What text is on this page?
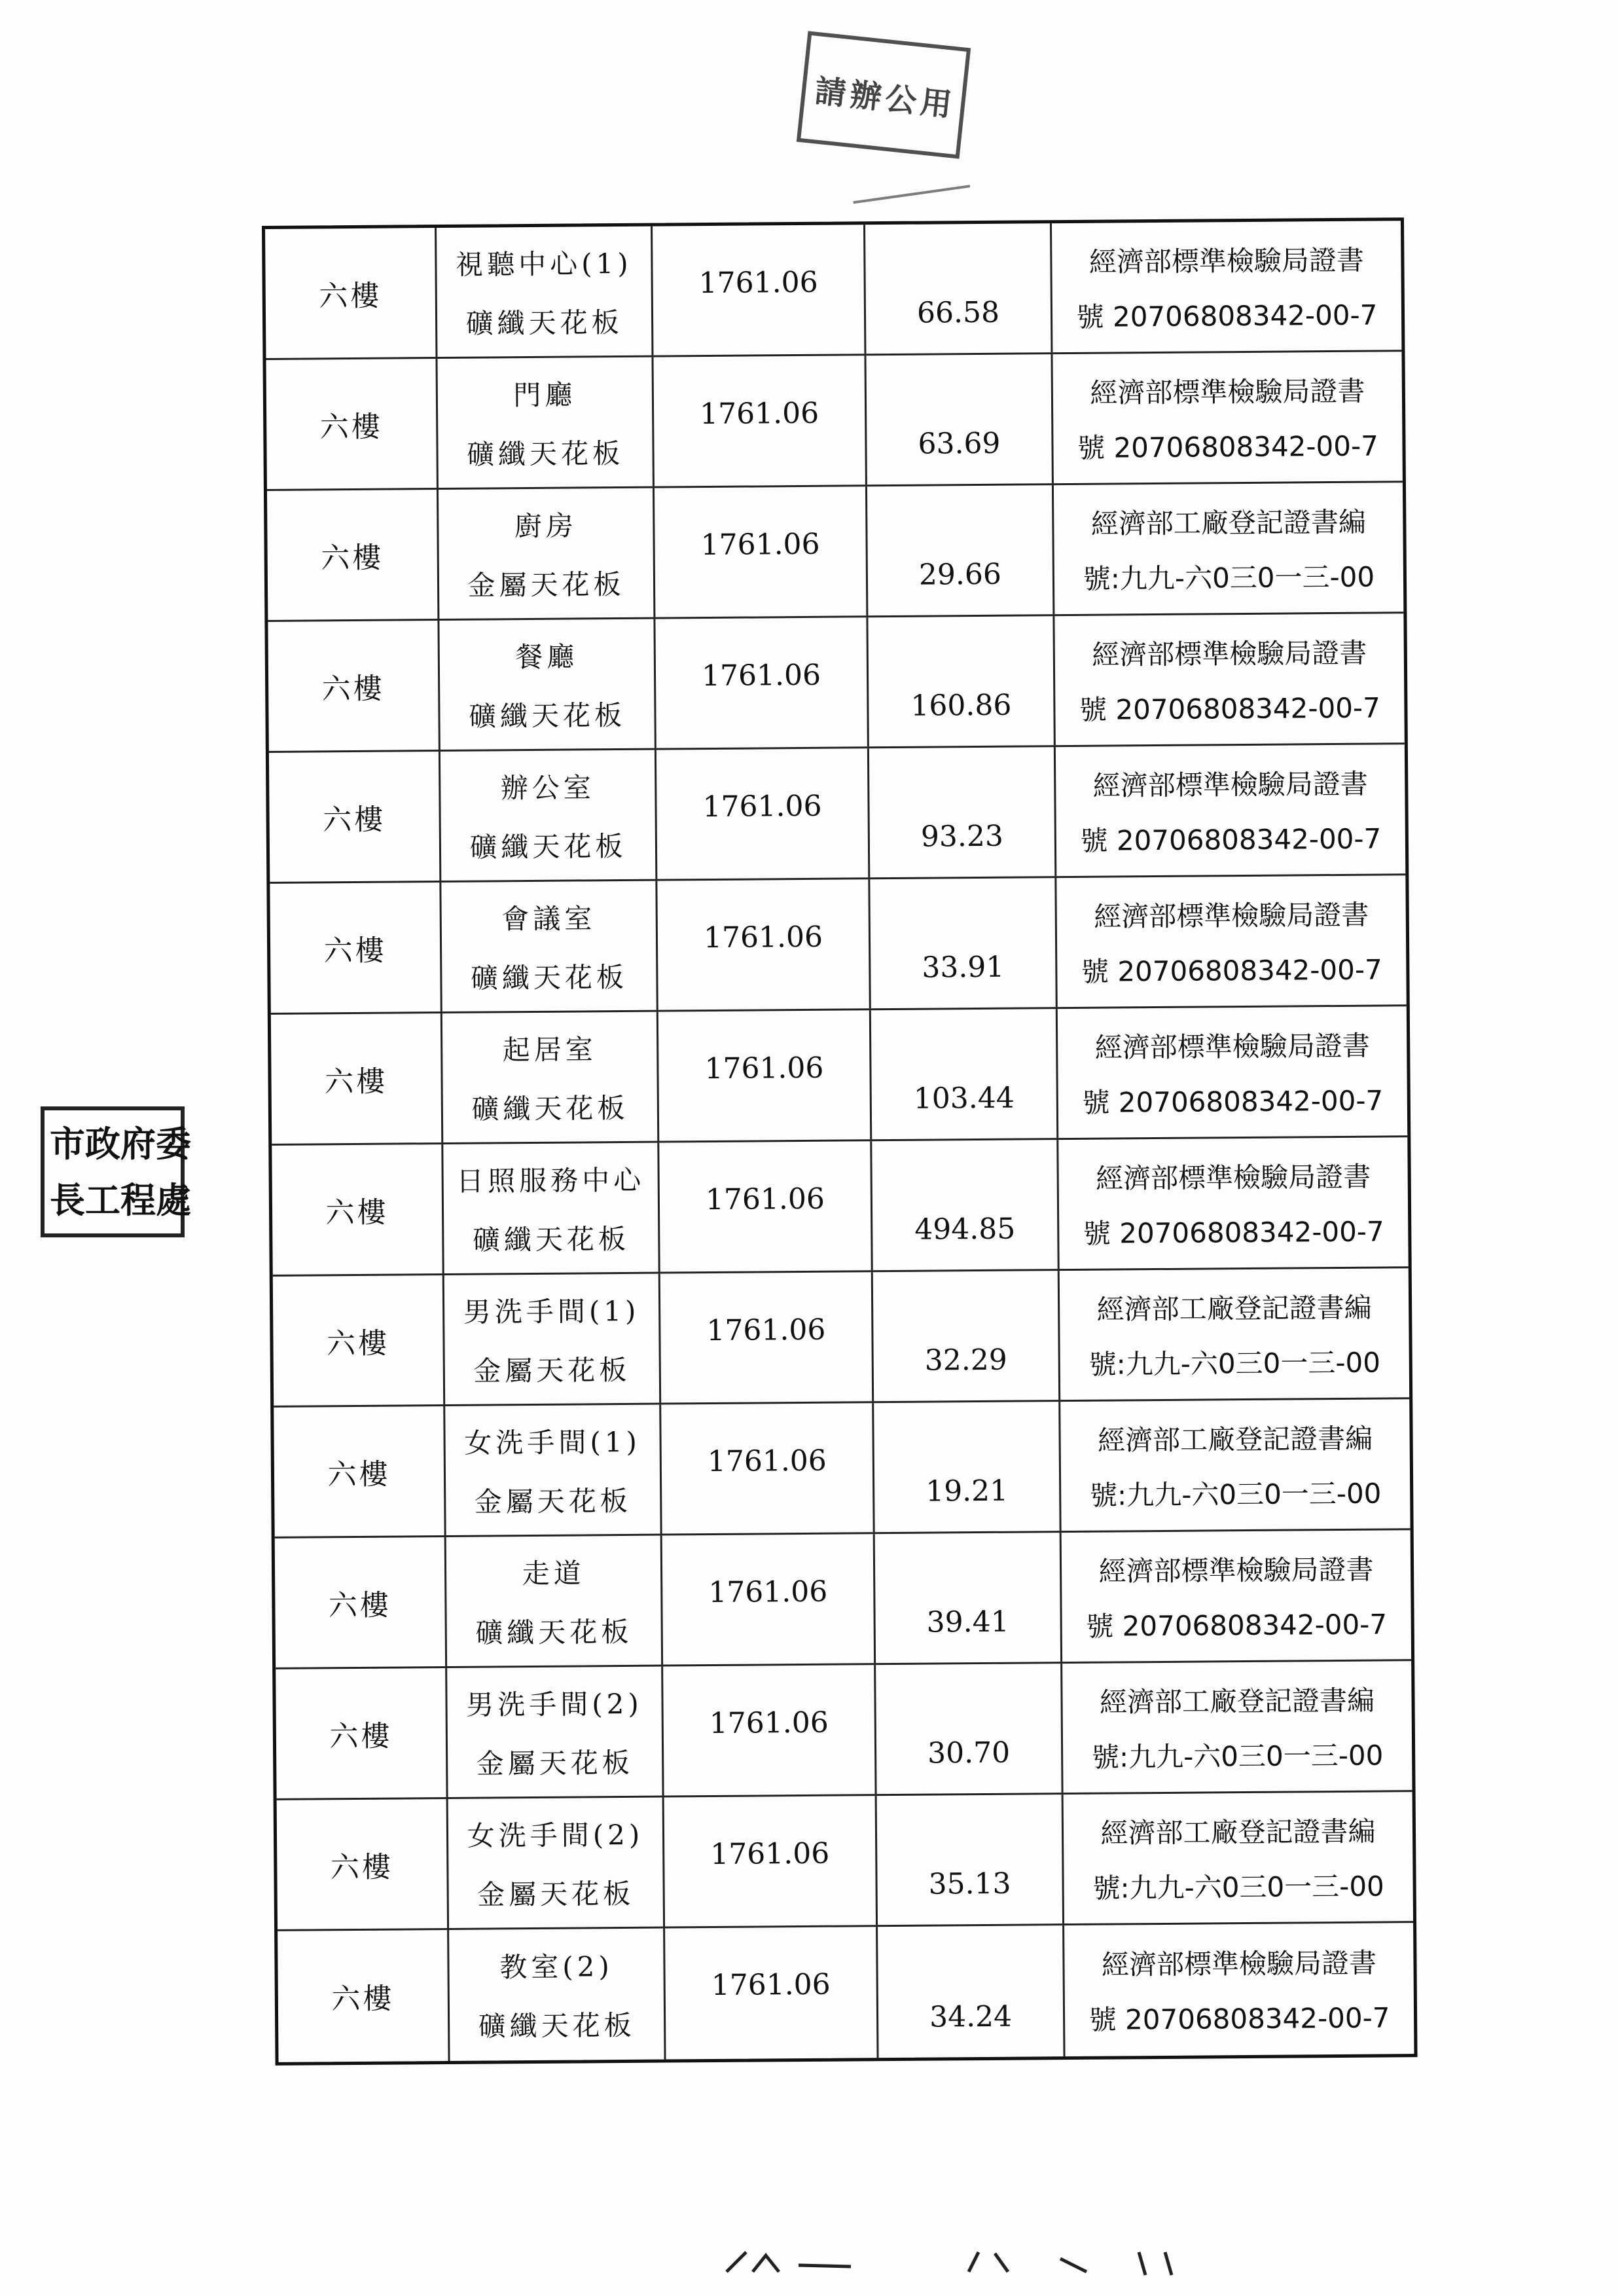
請 辦 公 用
市 政 府 委
長 工 程 處
六樓
視聽中心(1)
礦纖天花板
1761.06
66.58
經濟部標準檢驗局證書
號 20706808342-00-7
六樓
門廳
礦纖天花板
1761.06
63.69
經濟部標準檢驗局證書
號 20706808342-00-7
六樓
廚房
金屬天花板
1761.06
29.66
經濟部工廠登記證書編
號:九九-六0三0一三-00
六樓
餐廳
礦纖天花板
1761.06
160.86
經濟部標準檢驗局證書
號 20706808342-00-7
六樓
辦公室
礦纖天花板
1761.06
93.23
經濟部標準檢驗局證書
號 20706808342-00-7
六樓
會議室
礦纖天花板
1761.06
33.91
經濟部標準檢驗局證書
號 20706808342-00-7
六樓
起居室
礦纖天花板
1761.06
103.44
經濟部標準檢驗局證書
號 20706808342-00-7
六樓
日照服務中心
礦纖天花板
1761.06
494.85
經濟部標準檢驗局證書
號 20706808342-00-7
六樓
男洗手間(1)
金屬天花板
1761.06
32.29
經濟部工廠登記證書編
號:九九-六0三0一三-00
六樓
女洗手間(1)
金屬天花板
1761.06
19.21
經濟部工廠登記證書編
號:九九-六0三0一三-00
六樓
走道
礦纖天花板
1761.06
39.41
經濟部標準檢驗局證書
號 20706808342-00-7
六樓
男洗手間(2)
金屬天花板
1761.06
30.70
經濟部工廠登記證書編
號:九九-六0三0一三-00
六樓
女洗手間(2)
金屬天花板
1761.06
35.13
經濟部工廠登記證書編
號:九九-六0三0一三-00
六樓
教室(2)
礦纖天花板
1761.06
34.24
經濟部標準檢驗局證書
號 20706808342-00-7
